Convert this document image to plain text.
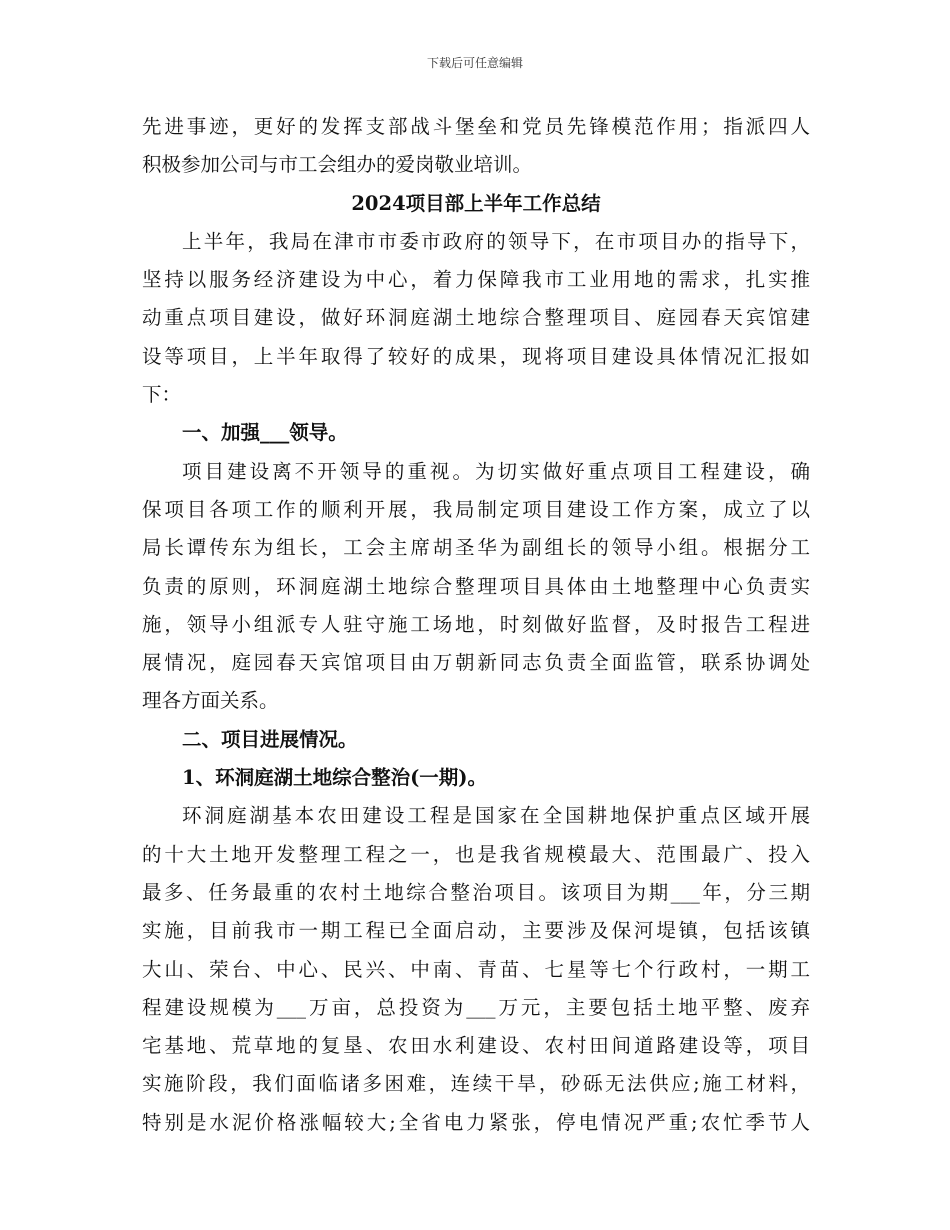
下载后可任意编辑
先进事迹，更好的发挥支部战斗堡垒和党员先锋模范作用；指派四人
积极参加公司与市工会组办的爱岗敬业培训。
2024项目部上半年工作总结
上半年，我局在津市市委市政府的领导下，在市项目办的指导下，
坚持以服务经济建设为中心，着力保障我市工业用地的需求，扎实推
动重点项目建设，做好环洞庭湖土地综合整理项目、庭园春天宾馆建
设等项目，上半年取得了较好的成果，现将项目建设具体情况汇报如
下：
一、加强___领导。
项目建设离不开领导的重视。为切实做好重点项目工程建设，确
保项目各项工作的顺利开展，我局制定项目建设工作方案，成立了以
局长谭传东为组长，工会主席胡圣华为副组长的领导小组。根据分工
负责的原则，环洞庭湖土地综合整理项目具体由土地整理中心负责实
施，领导小组派专人驻守施工场地，时刻做好监督，及时报告工程进
展情况，庭园春天宾馆项目由万朝新同志负责全面监管，联系协调处
理各方面关系。
二、项目进展情况。
1、环洞庭湖土地综合整治(一期)。
环洞庭湖基本农田建设工程是国家在全国耕地保护重点区域开展
的十大土地开发整理工程之一，也是我省规模最大、范围最广、投入
最多、任务最重的农村土地综合整治项目。该项目为期___年，分三期
实施，目前我市一期工程已全面启动，主要涉及保河堤镇，包括该镇
大山、荣台、中心、民兴、中南、青苗、七星等七个行政村，一期工
程建设规模为___万亩，总投资为___万元，主要包括土地平整、废弃
宅基地、荒草地的复垦、农田水利建设、农村田间道路建设等，项目
实施阶段，我们面临诸多困难，连续干旱，砂砾无法供应;施工材料，
特别是水泥价格涨幅较大;全省电力紧张，停电情况严重;农忙季节人
